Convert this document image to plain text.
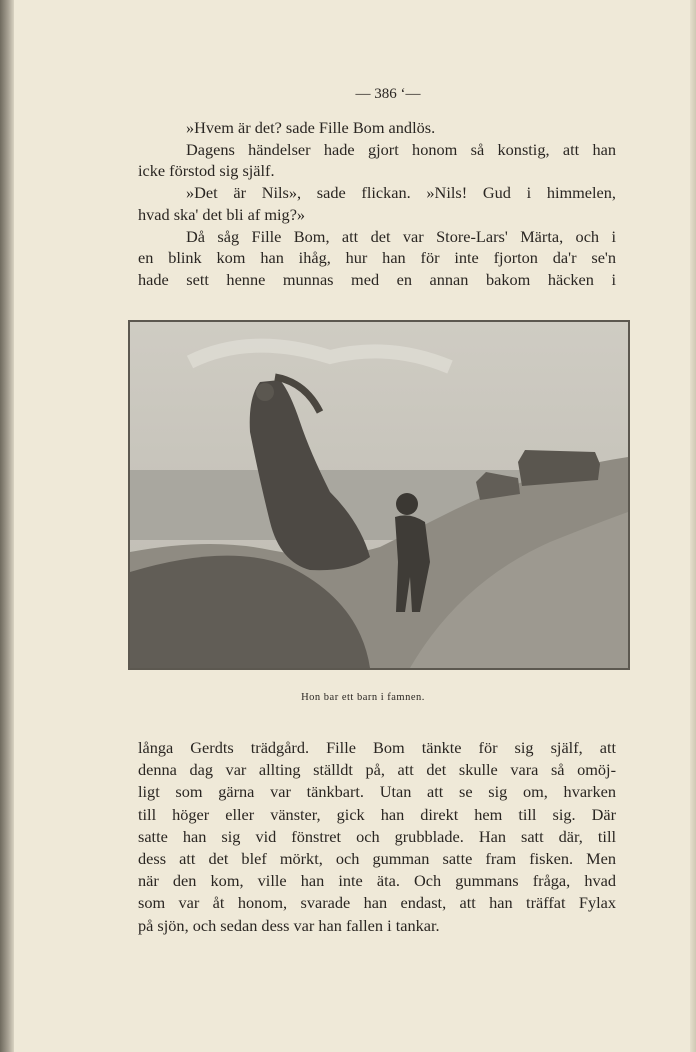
— 386 ‘—
»Hvem är det? sade Fille Bom andlös.
Dagens händelser hade gjort honom så konstig, att han
icke förstod sig själf.
»Det är Nils», sade flickan. »Nils! Gud i himmelen,
hvad ska' det bli af mig?»
Då såg Fille Bom, att det var Store-Lars' Märta, och i
en blink kom han ihåg, hur han för inte fjorton da'r se'n
hade sett henne munnas med en annan bakom häcken i
Hon bar ett barn i famnen.
långa Gerdts trädgård. Fille Bom tänkte för sig själf, att
denna dag var allting ställdt på, att det skulle vara så omöj-
ligt som gärna var tänkbart. Utan att se sig om, hvarken
till höger eller vänster, gick han direkt hem till sig. Där
satte han sig vid fönstret och grubblade. Han satt där, till
dess att det blef mörkt, och gumman satte fram fisken. Men
när den kom, ville han inte äta. Och gummans fråga, hvad
som var åt honom, svarade han endast, att han träffat Fylax
på sjön, och sedan dess var han fallen i tankar.
